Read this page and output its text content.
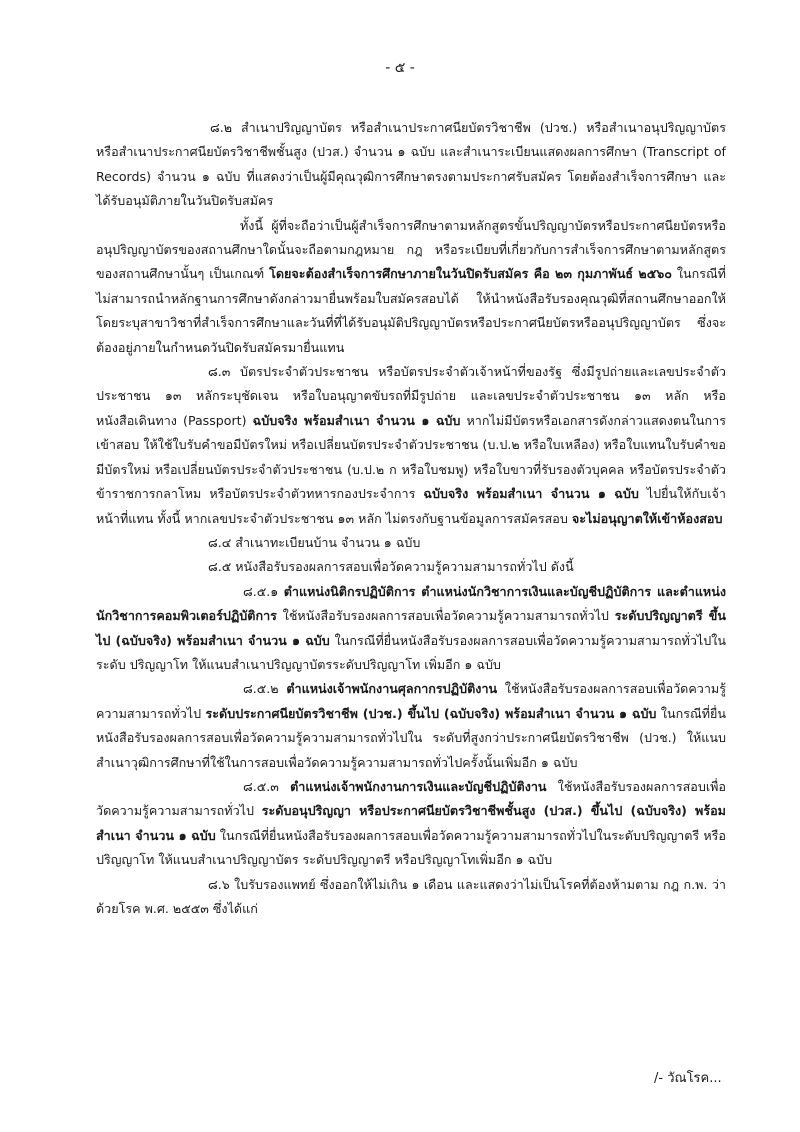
- ๕ -

๘.๒ สำเนาปริญญาบัตร หรือสำเนาประกาศนียบัตรวิชาชีพ (ปวช.) หรือสำเนาอนุปริญญาบัตร หรือสำเนาประกาศนียบัตรวิชาชีพชั้นสูง (ปวส.) จำนวน ๑ ฉบับ และสำเนาระเบียนแสดงผลการศึกษา (Transcript of Records) จำนวน ๑ ฉบับ ที่แสดงว่าเป็นผู้มีคุณวุฒิการศึกษาตรงตามประกาศรับสมัคร โดยต้องสำเร็จการศึกษา และได้รับอนุมัติภายในวันปิดรับสมัคร

ทั้งนี้ ผู้ที่จะถือว่าเป็นผู้สำเร็จการศึกษาตามหลักสูตรขั้นปริญญาบัตรหรือประกาศนียบัตรหรืออนุปริญญาบัตรของสถานศึกษาใดนั้นจะถือตามกฎหมาย กฎ หรือระเบียบที่เกี่ยวกับการสำเร็จการศึกษาตามหลักสูตรของสถานศึกษานั้นๆ เป็นเกณฑ์ โดยจะต้องสำเร็จการศึกษาภายในวันปิดรับสมัคร คือ ๒๓ กุมภาพันธ์ ๒๕๖๐ ในกรณีที่ไม่สามารถนำหลักฐานการศึกษาดังกล่าวมายื่นพร้อมใบสมัครสอบได้ ให้นำหนังสือรับรองคุณวุฒิที่สถานศึกษาออกให้ โดยระบุสาขาวิชาที่สำเร็จการศึกษาและวันที่ที่ได้รับอนุมัติปริญญาบัตรหรือประกาศนียบัตรหรืออนุปริญญาบัตร ซึ่งจะต้องอยู่ภายในกำหนดวันปิดรับสมัครมายื่นแทน

๘.๓ บัตรประจำตัวประชาชน หรือบัตรประจำตัวเจ้าหน้าที่ของรัฐ ซึ่งมีรูปถ่ายและเลขประจำตัวประชาชน ๑๓ หลักระบุชัดเจน หรือใบอนุญาตขับรถที่มีรูปถ่าย และเลขประจำตัวประชาชน ๑๓ หลัก หรือหนังสือเดินทาง (Passport) ฉบับจริง พร้อมสำเนา จำนวน ๑ ฉบับ หากไม่มีบัตรหรือเอกสารดังกล่าวแสดงตนในการเข้าสอบ ให้ใช้ใบรับคำขอมีบัตรใหม่ หรือเปลี่ยนบัตรประจำตัวประชาชน (บ.ป.๒ หรือใบเหลือง) หรือใบแทนใบรับคำขอมีบัตรใหม่ หรือเปลี่ยนบัตรประจำตัวประชาชน (บ.ป.๒ ก หรือใบชมพู) หรือใบขาวที่รับรองตัวบุคคล หรือบัตรประจำตัวข้าราชการกลาโหม หรือบัตรประจำตัวทหารกองประจำการ ฉบับจริง พร้อมสำเนา จำนวน ๑ ฉบับ ไปยื่นให้กับเจ้าหน้าที่แทน ทั้งนี้ หากเลขประจำตัวประชาชน ๑๓ หลัก ไม่ตรงกับฐานข้อมูลการสมัครสอบ จะไม่อนุญาตให้เข้าห้องสอบ

๘.๔ สำเนาทะเบียนบ้าน จำนวน ๑ ฉบับ

๘.๕ หนังสือรับรองผลการสอบเพื่อวัดความรู้ความสามารถทั่วไป ดังนี้

๘.๕.๑ ตำแหน่งนิติกรปฏิบัติการ ตำแหน่งนักวิชาการเงินและบัญชีปฏิบัติการ และตำแหน่งนักวิชาการคอมพิวเตอร์ปฏิบัติการ ใช้หนังสือรับรองผลการสอบเพื่อวัดความรู้ความสามารถทั่วไป ระดับปริญญาตรี ขึ้นไป (ฉบับจริง) พร้อมสำเนา จำนวน ๑ ฉบับ ในกรณีที่ยื่นหนังสือรับรองผลการสอบเพื่อวัดความรู้ความสามารถทั่วไปในระดับ ปริญญาโท ให้แนบสำเนาปริญญาบัตรระดับปริญญาโท เพิ่มอีก ๑ ฉบับ

๘.๕.๒ ตำแหน่งเจ้าพนักงานศุลกากรปฏิบัติงาน ใช้หนังสือรับรองผลการสอบเพื่อวัดความรู้ความสามารถทั่วไป ระดับประกาศนียบัตรวิชาชีพ (ปวช.) ขึ้นไป (ฉบับจริง) พร้อมสำเนา จำนวน ๑ ฉบับ ในกรณีที่ยื่นหนังสือรับรองผลการสอบเพื่อวัดความรู้ความสามารถทั่วไปใน ระดับที่สูงกว่าประกาศนียบัตรวิชาชีพ (ปวช.) ให้แนบสำเนาวุฒิการศึกษาที่ใช้ในการสอบเพื่อวัดความรู้ความสามารถทั่วไปครั้งนั้นเพิ่มอีก ๑ ฉบับ

๘.๕.๓ ตำแหน่งเจ้าพนักงานการเงินและบัญชีปฏิบัติงาน ใช้หนังสือรับรองผลการสอบเพื่อวัดความรู้ความสามารถทั่วไป ระดับอนุปริญญา หรือประกาศนียบัตรวิชาชีพชั้นสูง (ปวส.) ขึ้นไป (ฉบับจริง) พร้อมสำเนา จำนวน ๑ ฉบับ ในกรณีที่ยื่นหนังสือรับรองผลการสอบเพื่อวัดความรู้ความสามารถทั่วไปในระดับปริญญาตรี หรือปริญญาโท ให้แนบสำเนาปริญญาบัตร ระดับปริญญาตรี หรือปริญญาโทเพิ่มอีก ๑ ฉบับ

๘.๖ ใบรับรองแพทย์ ซึ่งออกให้ไม่เกิน ๑ เดือน และแสดงว่าไม่เป็นโรคที่ต้องห้ามตาม กฎ ก.พ. ว่าด้วยโรค พ.ศ. ๒๕๕๓ ซึ่งได้แก่

/- วัณโรค...
